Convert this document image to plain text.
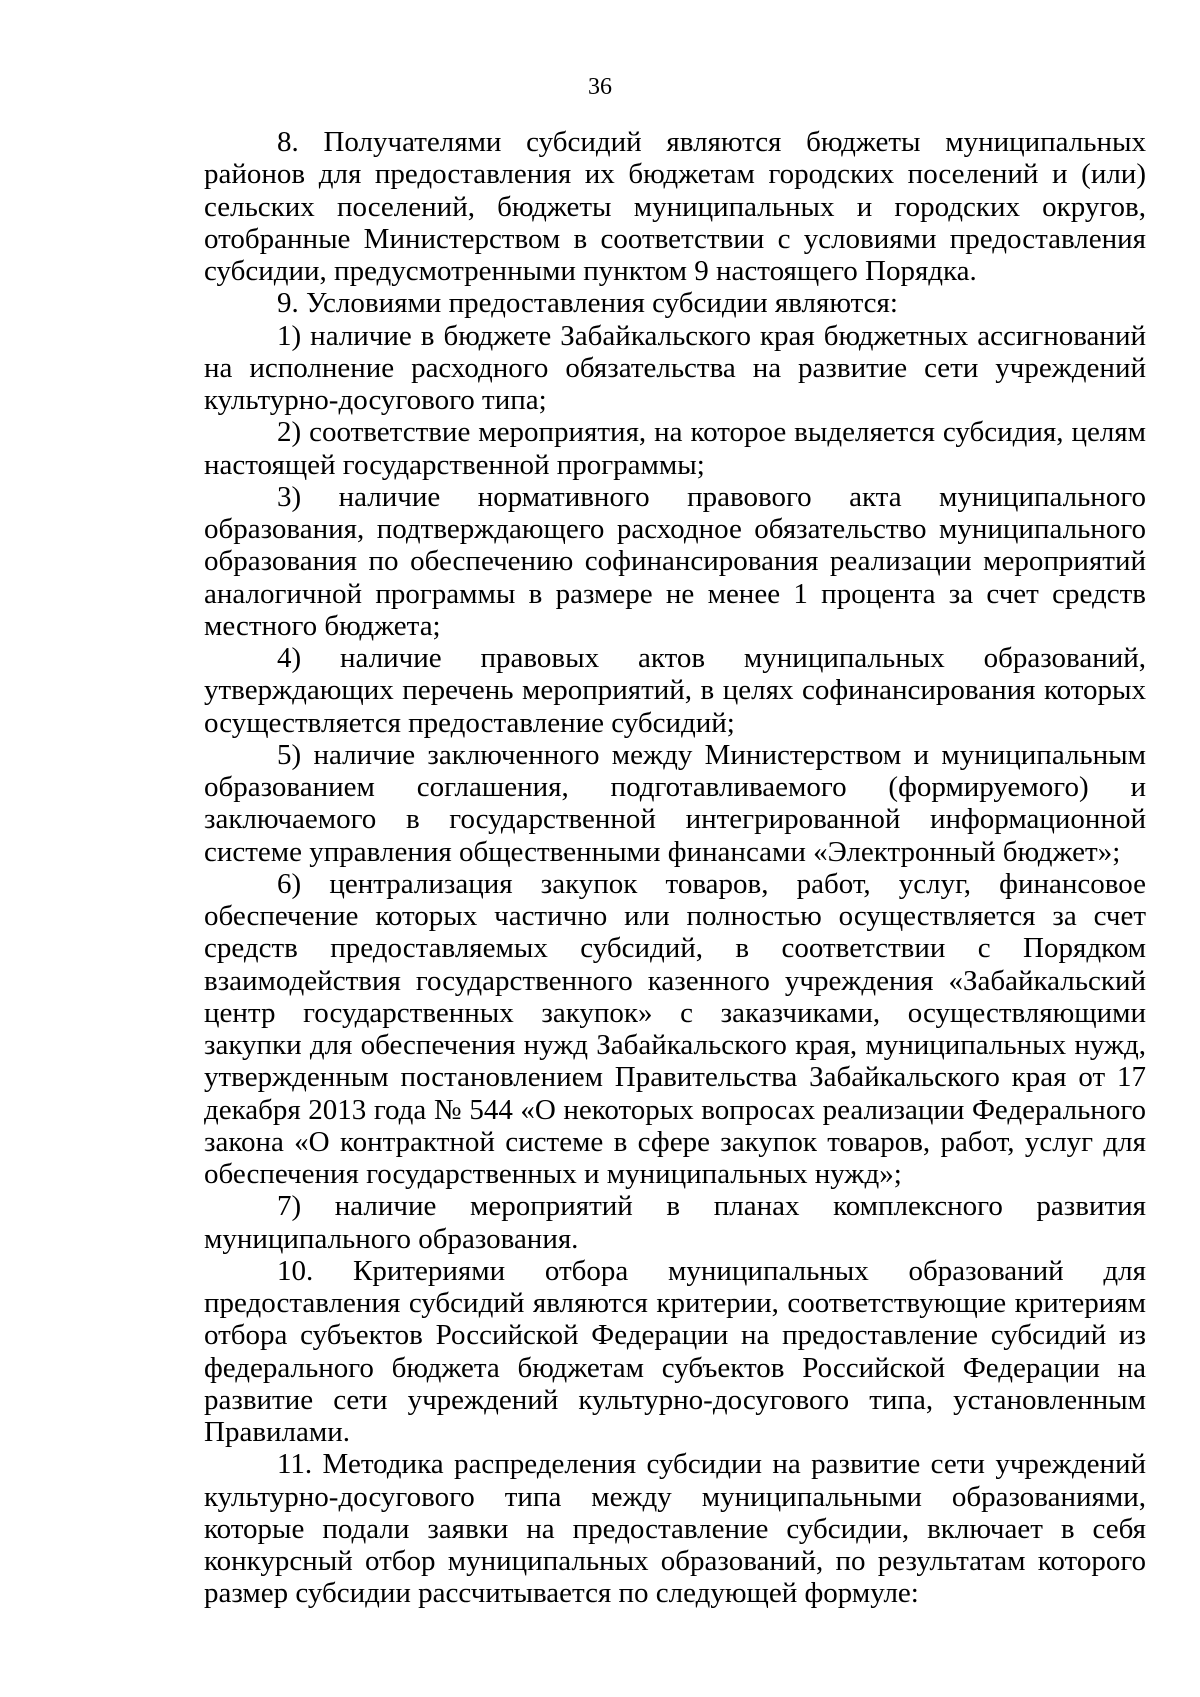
36

8. Получателями субсидий являются бюджеты муниципальных районов для предоставления их бюджетам городских поселений и (или) сельских поселений, бюджеты муниципальных и городских округов, отобранные Министерством в соответствии с условиями предоставления субсидии, предусмотренными пунктом 9 настоящего Порядка.

9. Условиями предоставления субсидии являются:

1) наличие в бюджете Забайкальского края бюджетных ассигнований на исполнение расходного обязательства на развитие сети учреждений культурно-досугового типа;

2) соответствие мероприятия, на которое выделяется субсидия, целям настоящей государственной программы;

3) наличие нормативного правового акта муниципального образования, подтверждающего расходное обязательство муниципального образования по обеспечению софинансирования реализации мероприятий аналогичной программы в размере не менее 1 процента за счет средств местного бюджета;

4) наличие правовых актов муниципальных образований, утверждающих перечень мероприятий, в целях софинансирования которых осуществляется предоставление субсидий;

5) наличие заключенного между Министерством и муниципальным образованием соглашения, подготавливаемого (формируемого) и заключаемого в государственной интегрированной информационной системе управления общественными финансами «Электронный бюджет»;

6) централизация закупок товаров, работ, услуг, финансовое обеспечение которых частично или полностью осуществляется за счет средств предоставляемых субсидий, в соответствии с Порядком взаимодействия государственного казенного учреждения «Забайкальский центр государственных закупок» с заказчиками, осуществляющими закупки для обеспечения нужд Забайкальского края, муниципальных нужд, утвержденным постановлением Правительства Забайкальского края от 17 декабря 2013 года № 544 «О некоторых вопросах реализации Федерального закона «О контрактной системе в сфере закупок товаров, работ, услуг для обеспечения государственных и муниципальных нужд»;

7) наличие мероприятий в планах комплексного развития муниципального образования.

10. Критериями отбора муниципальных образований для предоставления субсидий являются критерии, соответствующие критериям отбора субъектов Российской Федерации на предоставление субсидий из федерального бюджета бюджетам субъектов Российской Федерации на развитие сети учреждений культурно-досугового типа, установленным Правилами.

11. Методика распределения субсидии на развитие сети учреждений культурно-досугового типа между муниципальными образованиями, которые подали заявки на предоставление субсидии, включает в себя конкурсный отбор муниципальных образований, по результатам которого размер субсидии рассчитывается по следующей формуле:
